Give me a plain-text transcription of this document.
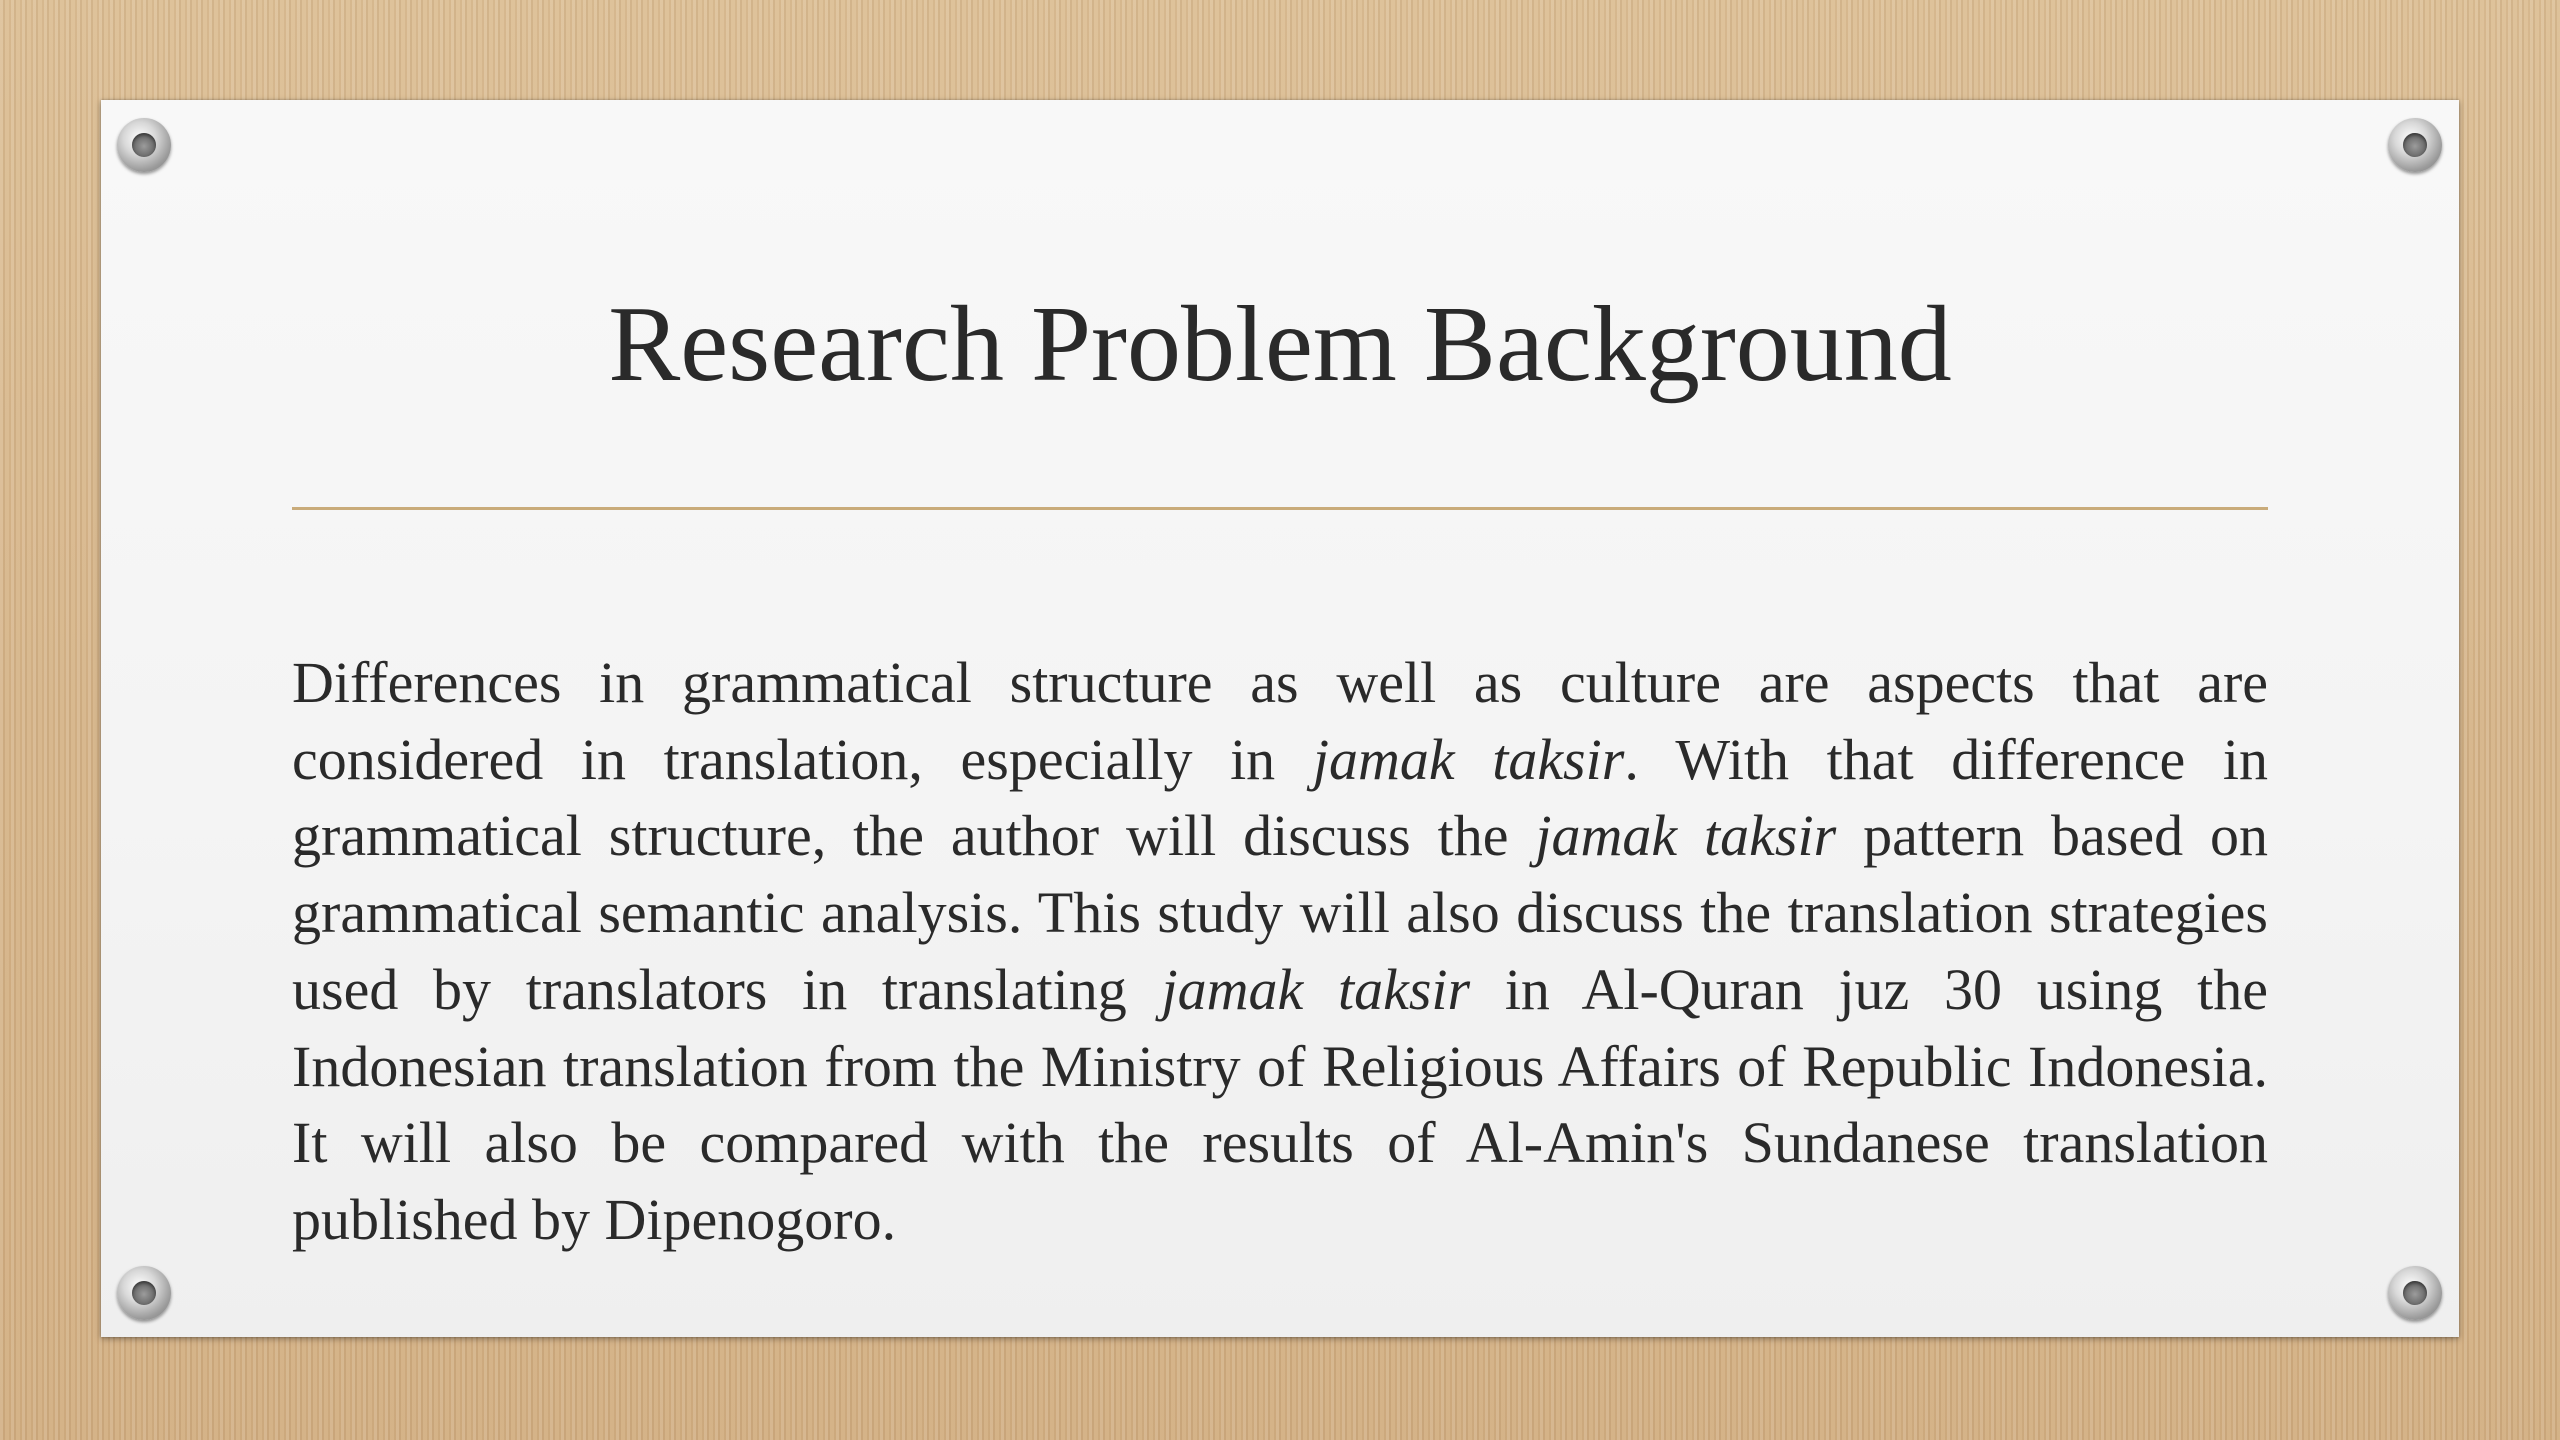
Research Problem Background

Differences in grammatical structure as well as culture are aspects that are considered in translation, especially in jamak taksir. With that difference in grammatical structure, the author will discuss the jamak taksir pattern based on grammatical semantic analysis. This study will also discuss the translation strategies used by translators in translating jamak taksir in Al-Quran juz 30 using the Indonesian translation from the Ministry of Religious Affairs of Republic Indonesia. It will also be compared with the results of Al-Amin's Sundanese translation published by Dipenogoro.
